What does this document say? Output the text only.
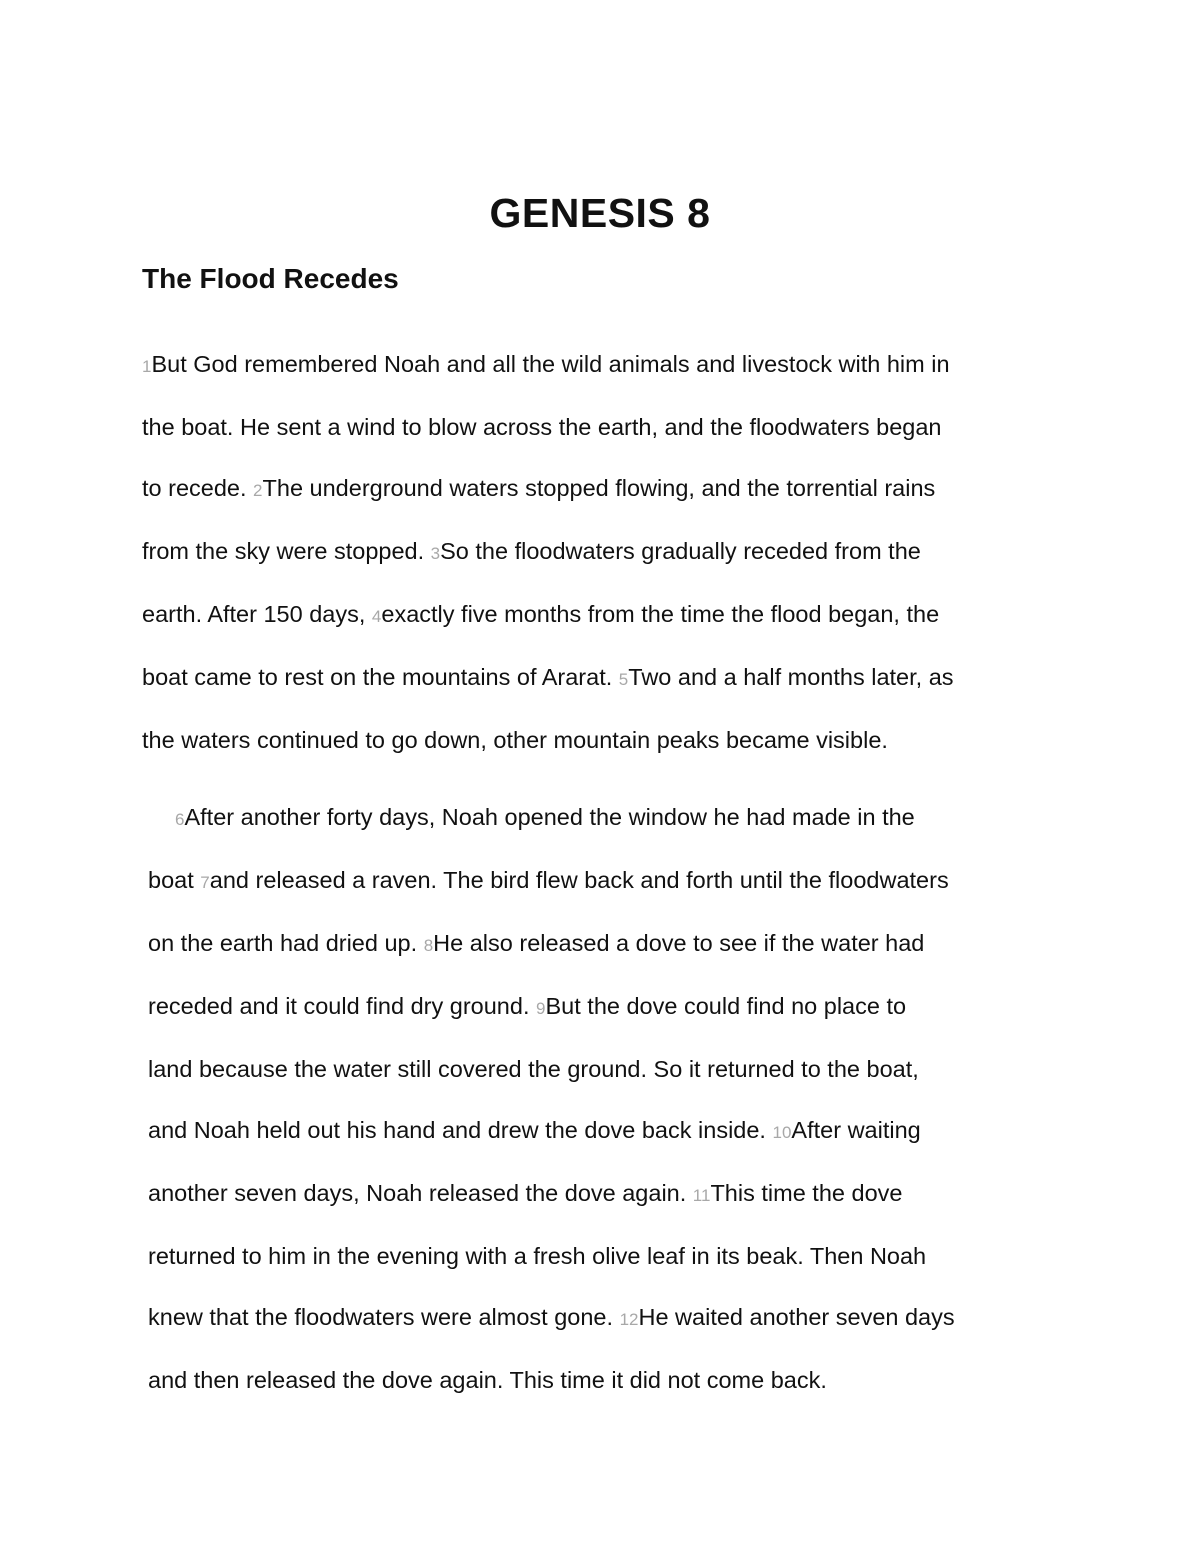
GENESIS 8
The Flood Recedes

1But God remembered Noah and all the wild animals and livestock with him in
the boat. He sent a wind to blow across the earth, and the floodwaters began
to recede. 2The underground waters stopped flowing, and the torrential rains
from the sky were stopped. 3So the floodwaters gradually receded from the
earth. After 150 days, 4exactly five months from the time the flood began, the
boat came to rest on the mountains of Ararat. 5Two and a half months later, as
the waters continued to go down, other mountain peaks became visible.

6After another forty days, Noah opened the window he had made in the
boat 7and released a raven. The bird flew back and forth until the floodwaters
on the earth had dried up. 8He also released a dove to see if the water had
receded and it could find dry ground. 9But the dove could find no place to
land because the water still covered the ground. So it returned to the boat,
and Noah held out his hand and drew the dove back inside. 10After waiting
another seven days, Noah released the dove again. 11This time the dove
returned to him in the evening with a fresh olive leaf in its beak. Then Noah
knew that the floodwaters were almost gone. 12He waited another seven days
and then released the dove again. This time it did not come back.
